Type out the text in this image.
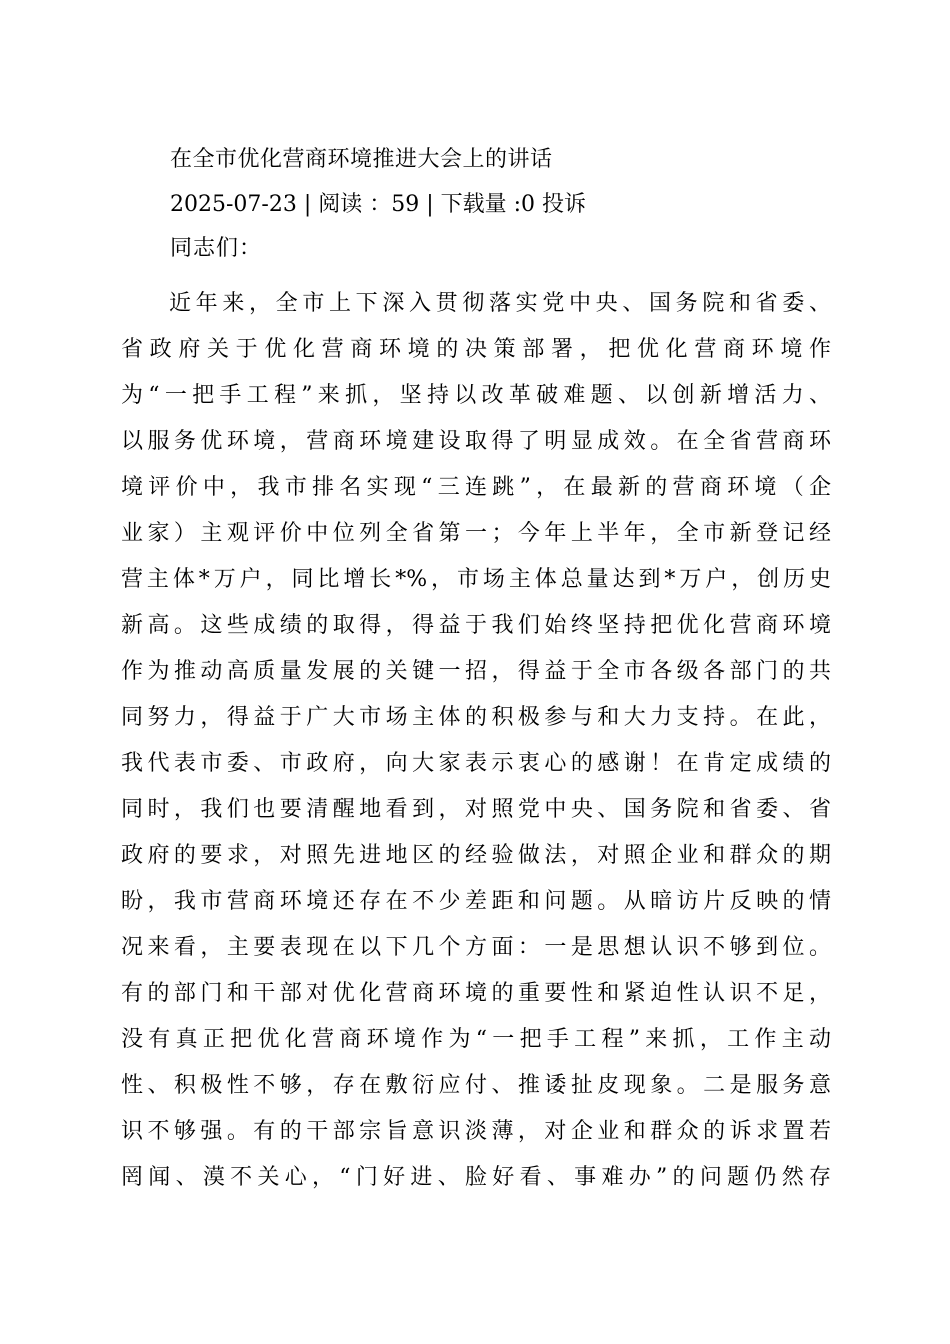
在全市优化营商环境推进大会上的讲话
2025-07-23 | 阅读 ：59 | 下载量 :0 投诉
同志们：
近年来，全市上下深入贯彻落实党中央、国务院和省委、
省政府关于优化营商环境的决策部署，把优化营商环境作
为“一把手工程”来抓，坚持以改革破难题、以创新增活力、
以服务优环境，营商环境建设取得了明显成效。在全省营商环
境评价中，我市排名实现“三连跳”，在最新的营商环境（企
业家）主观评价中位列全省第一；今年上半年，全市新登记经
营主体*万户，同比增长*%，市场主体总量达到*万户，创历史
新高。这些成绩的取得，得益于我们始终坚持把优化营商环境
作为推动高质量发展的关键一招，得益于全市各级各部门的共
同努力，得益于广大市场主体的积极参与和大力支持。在此，
我代表市委、市政府，向大家表示衷心的感谢！在肯定成绩的
同时，我们也要清醒地看到，对照党中央、国务院和省委、省
政府的要求，对照先进地区的经验做法，对照企业和群众的期
盼，我市营商环境还存在不少差距和问题。从暗访片反映的情
况来看，主要表现在以下几个方面：一是思想认识不够到位。
有的部门和干部对优化营商环境的重要性和紧迫性认识不足，
没有真正把优化营商环境作为“一把手工程”来抓，工作主动
性、积极性不够，存在敷衍应付、推诿扯皮现象。二是服务意
识不够强。有的干部宗旨意识淡薄，对企业和群众的诉求置若
罔闻、漠不关心，“门好进、脸好看、事难办”的问题仍然存
